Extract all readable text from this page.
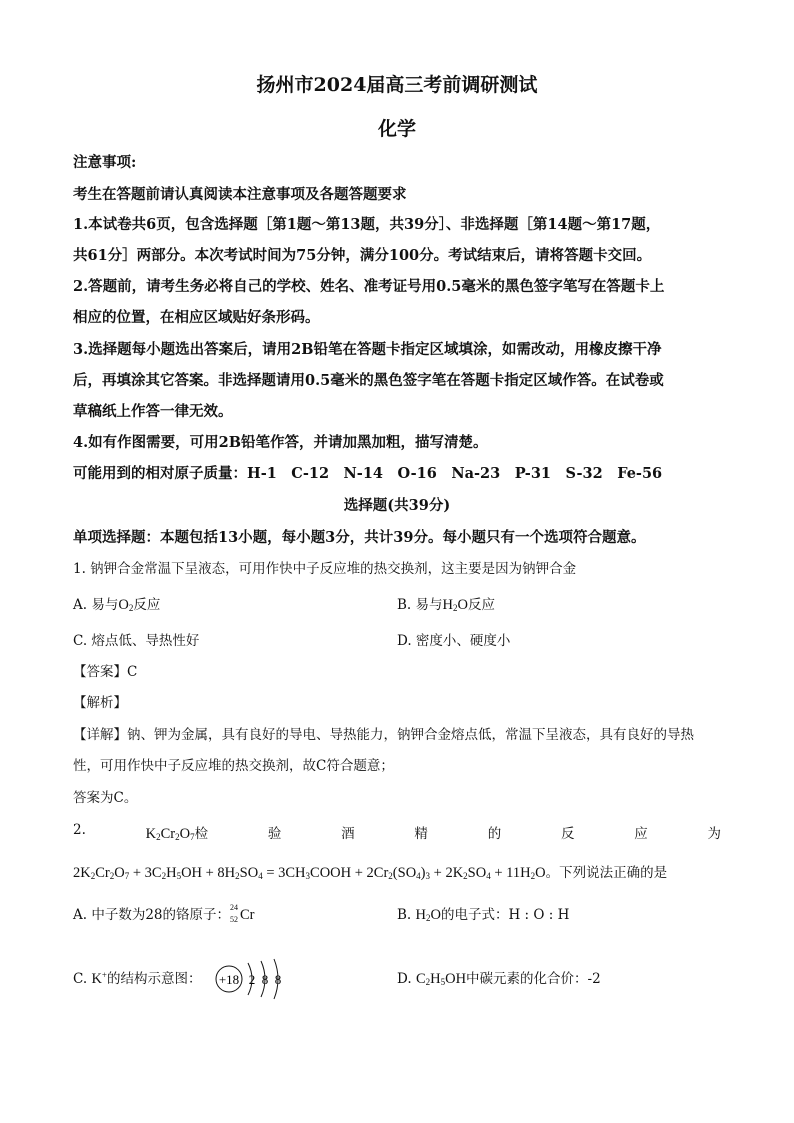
扬州市2024届高三考前调研测试
化学
注意事项:
考生在答题前请认真阅读本注意事项及各题答题要求
1.本试卷共6页，包含选择题［第1题～第13题，共39分］、非选择题［第14题～第17题，
共61分］两部分。本次考试时间为75分钟，满分100分。考试结束后，请将答题卡交回。
2.答题前，请考生务必将自己的学校、姓名、准考证号用0.5毫米的黑色签字笔写在答题卡上
相应的位置，在相应区域贴好条形码。
3.选择题每小题选出答案后，请用2B铅笔在答题卡指定区域填涂，如需改动，用橡皮擦干净
后，再填涂其它答案。非选择题请用0.5毫米的黑色签字笔在答题卡指定区域作答。在试卷或
草稿纸上作答一律无效。
4.如有作图需要，可用2B铅笔作答，并请加黑加粗，描写清楚。
可能用到的相对原子质量：H-1　C-12　N-14　O-16　Na-23　P-31　S-32　Fe-56
选择题(共39分)
单项选择题：本题包括13小题，每小题3分，共计39分。每小题只有一个选项符合题意。
1. 钠钾合金常温下呈液态，可用作快中子反应堆的热交换剂，这主要是因为钠钾合金
A. 易与$O_2$反应	B. 易与$H_2O$反应
C. 熔点低、导热性好	D. 密度小、硬度小
【答案】C
【解析】
【详解】钠、钾为金属，具有良好的导电、导热能力，钠钾合金熔点低，常温下呈液态，具有良好的导热
性，可用作快中子反应堆的热交换剂，故C符合题意；
答案为C。
2.	$K_2Cr_2O_7$检	验	酒	精	的	反	应	为
$2K_2Cr_2O_7 + 3C_2H_5OH + 8H_2SO_4$ = $3CH_3COOH + 2Cr_2(SO_4)_3 + 2K_2SO_4 + 11H_2O$。下列说法正确的是
A. 中子数为28的铬原子： 24
52 Cr	B. $H_2O$的电子式：H : O : H
C. K+的结构示意图： +18 2 8 8	D. $C_2H_5OH$中碳元素的化合价：-2
